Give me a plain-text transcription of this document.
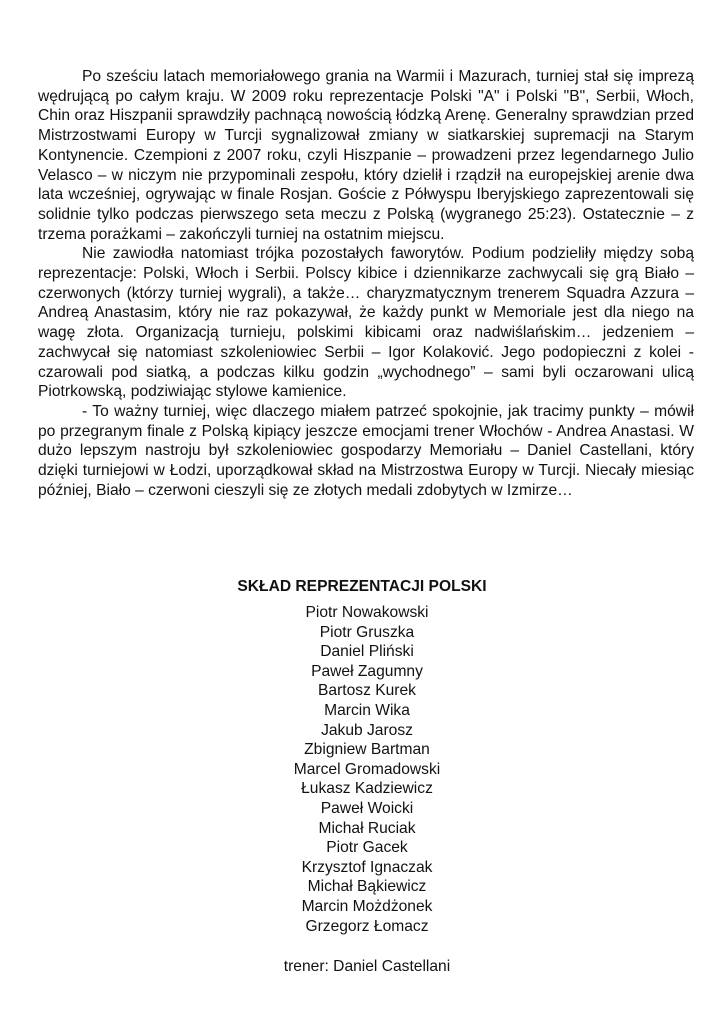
Po sześciu latach memoriałowego grania na Warmii i Mazurach, turniej stał się imprezą wędrującą po całym kraju. W 2009 roku reprezentacje Polski "A" i Polski "B", Serbii, Włoch, Chin oraz Hiszpanii sprawdziły pachnącą nowością łódzką Arenę. Generalny sprawdzian przed Mistrzostwami Europy w Turcji sygnalizował zmiany w siatkarskiej supremacji na Starym Kontynencie. Czempioni z 2007 roku, czyli Hiszpanie – prowadzeni przez legendarnego Julio Velasco – w niczym nie przypominali zespołu, który dzielił i rządził na europejskiej arenie dwa lata wcześniej, ogrywając w finale Rosjan. Goście z Półwyspu Iberyjskiego zaprezentowali się solidnie tylko podczas pierwszego seta meczu z Polską (wygranego 25:23). Ostatecznie – z trzema porażkami – zakończyli turniej na ostatnim miejscu.

Nie zawiodła natomiast trójka pozostałych faworytów. Podium podzieliły między sobą reprezentacje: Polski, Włoch i Serbii. Polscy kibice i dziennikarze zachwycali się grą Biało – czerwonych (którzy turniej wygrali), a także… charyzmatycznym trenerem Squadra Azzura – Andreą Anastasim, który nie raz pokazywał, że każdy punkt w Memoriale jest dla niego na wagę złota. Organizacją turnieju, polskimi kibicami oraz nadwiślańskim… jedzeniem – zachwycał się natomiast szkoleniowiec Serbii – Igor Kolaković. Jego podopieczni z kolei - czarowali pod siatką, a podczas kilku godzin „wychodnego” – sami byli oczarowani ulicą Piotrkowską, podziwiając stylowe kamienice.

- To ważny turniej, więc dlaczego miałem patrzeć spokojnie, jak tracimy punkty – mówił po przegranym finale z Polską kipiący jeszcze emocjami trener Włochów - Andrea Anastasi. W dużo lepszym nastroju był szkoleniowiec gospodarzy Memoriału – Daniel Castellani, który dzięki turniejowi w Łodzi, uporządkował skład na Mistrzostwa Europy w Turcji. Niecały miesiąc później, Biało – czerwoni cieszyli się ze złotych medali zdobytych w Izmirze…

SKŁAD REPREZENTACJI POLSKI
Piotr Nowakowski
Piotr Gruszka
Daniel Pliński
Paweł Zagumny
Bartosz Kurek
Marcin Wika
Jakub Jarosz
Zbigniew Bartman
Marcel Gromadowski
Łukasz Kadziewicz
Paweł Woicki
Michał Ruciak
Piotr Gacek
Krzysztof Ignaczak
Michał Bąkiewicz
Marcin Możdżonek
Grzegorz Łomacz
trener: Daniel Castellani
